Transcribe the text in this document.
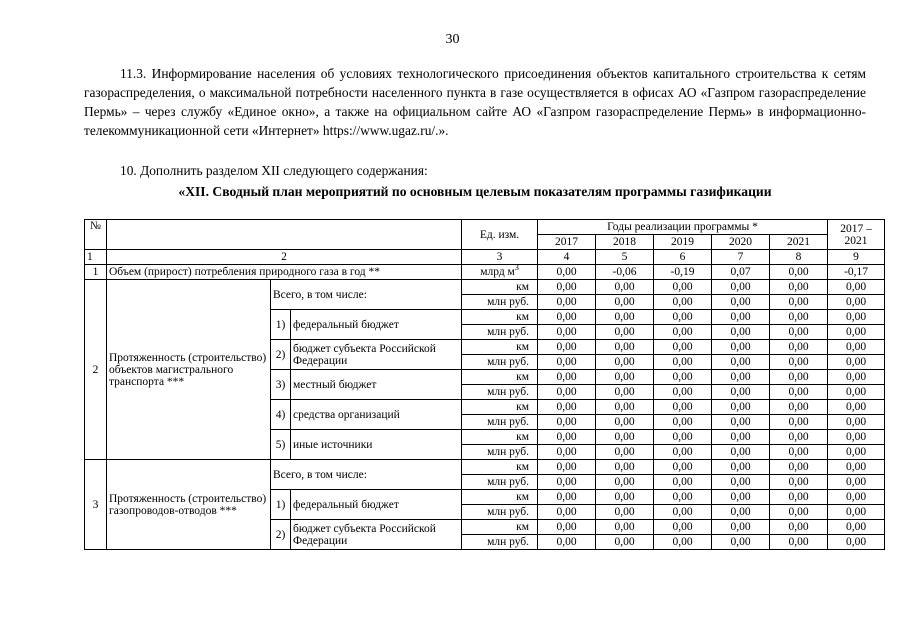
30
11.3. Информирование населения об условиях технологического присоединения объектов капитального строительства к сетям газораспределения, о максимальной потребности населенного пункта в газе осуществляется в офисах АО «Газпром газораспределение Пермь» – через службу «Единое окно», а также на официальном сайте АО «Газпром газораспределение Пермь» в информационно-телекоммуникационной сети «Интернет» https://www.ugaz.ru/.».
10. Дополнить разделом XII следующего содержания:
«XII. Сводный план мероприятий по основным целевым показателям программы газификации
№				Ед. изм.	Годы реализации программы *					2017 – 2021
					2017	2018	2019	2020	2021	
1	2			3	4	5	6	7	8	9
1	Объем (прирост) потребления природного газа в год **			млрд $м^3$	0,00	-0,06	-0,19	0,07	0,00	-0,17
2	Протяженность (строительство) объектов магистрального транспорта ***	Всего, в том числе:		км	0,00	0,00	0,00	0,00	0,00	0,00
				млн руб.	0,00	0,00	0,00	0,00	0,00	0,00
		1)	федеральный бюджет	км	0,00	0,00	0,00	0,00	0,00	0,00
				млн руб.	0,00	0,00	0,00	0,00	0,00	0,00
		2)	бюджет субъекта Российской Федерации	км	0,00	0,00	0,00	0,00	0,00	0,00
				млн руб.	0,00	0,00	0,00	0,00	0,00	0,00
		3)	местный бюджет	км	0,00	0,00	0,00	0,00	0,00	0,00
				млн руб.	0,00	0,00	0,00	0,00	0,00	0,00
		4)	средства организаций	км	0,00	0,00	0,00	0,00	0,00	0,00
				млн руб.	0,00	0,00	0,00	0,00	0,00	0,00
		5)	иные источники	км	0,00	0,00	0,00	0,00	0,00	0,00
				млн руб.	0,00	0,00	0,00	0,00	0,00	0,00
3	Протяженность (строительство) газопроводов-отводов ***	Всего, в том числе:		км	0,00	0,00	0,00	0,00	0,00	0,00
				млн руб.	0,00	0,00	0,00	0,00	0,00	0,00
		1)	федеральный бюджет	км	0,00	0,00	0,00	0,00	0,00	0,00
				млн руб.	0,00	0,00	0,00	0,00	0,00	0,00
		2)	бюджет субъекта Российской Федерации	км	0,00	0,00	0,00	0,00	0,00	0,00
				млн руб.	0,00	0,00	0,00	0,00	0,00	0,00
